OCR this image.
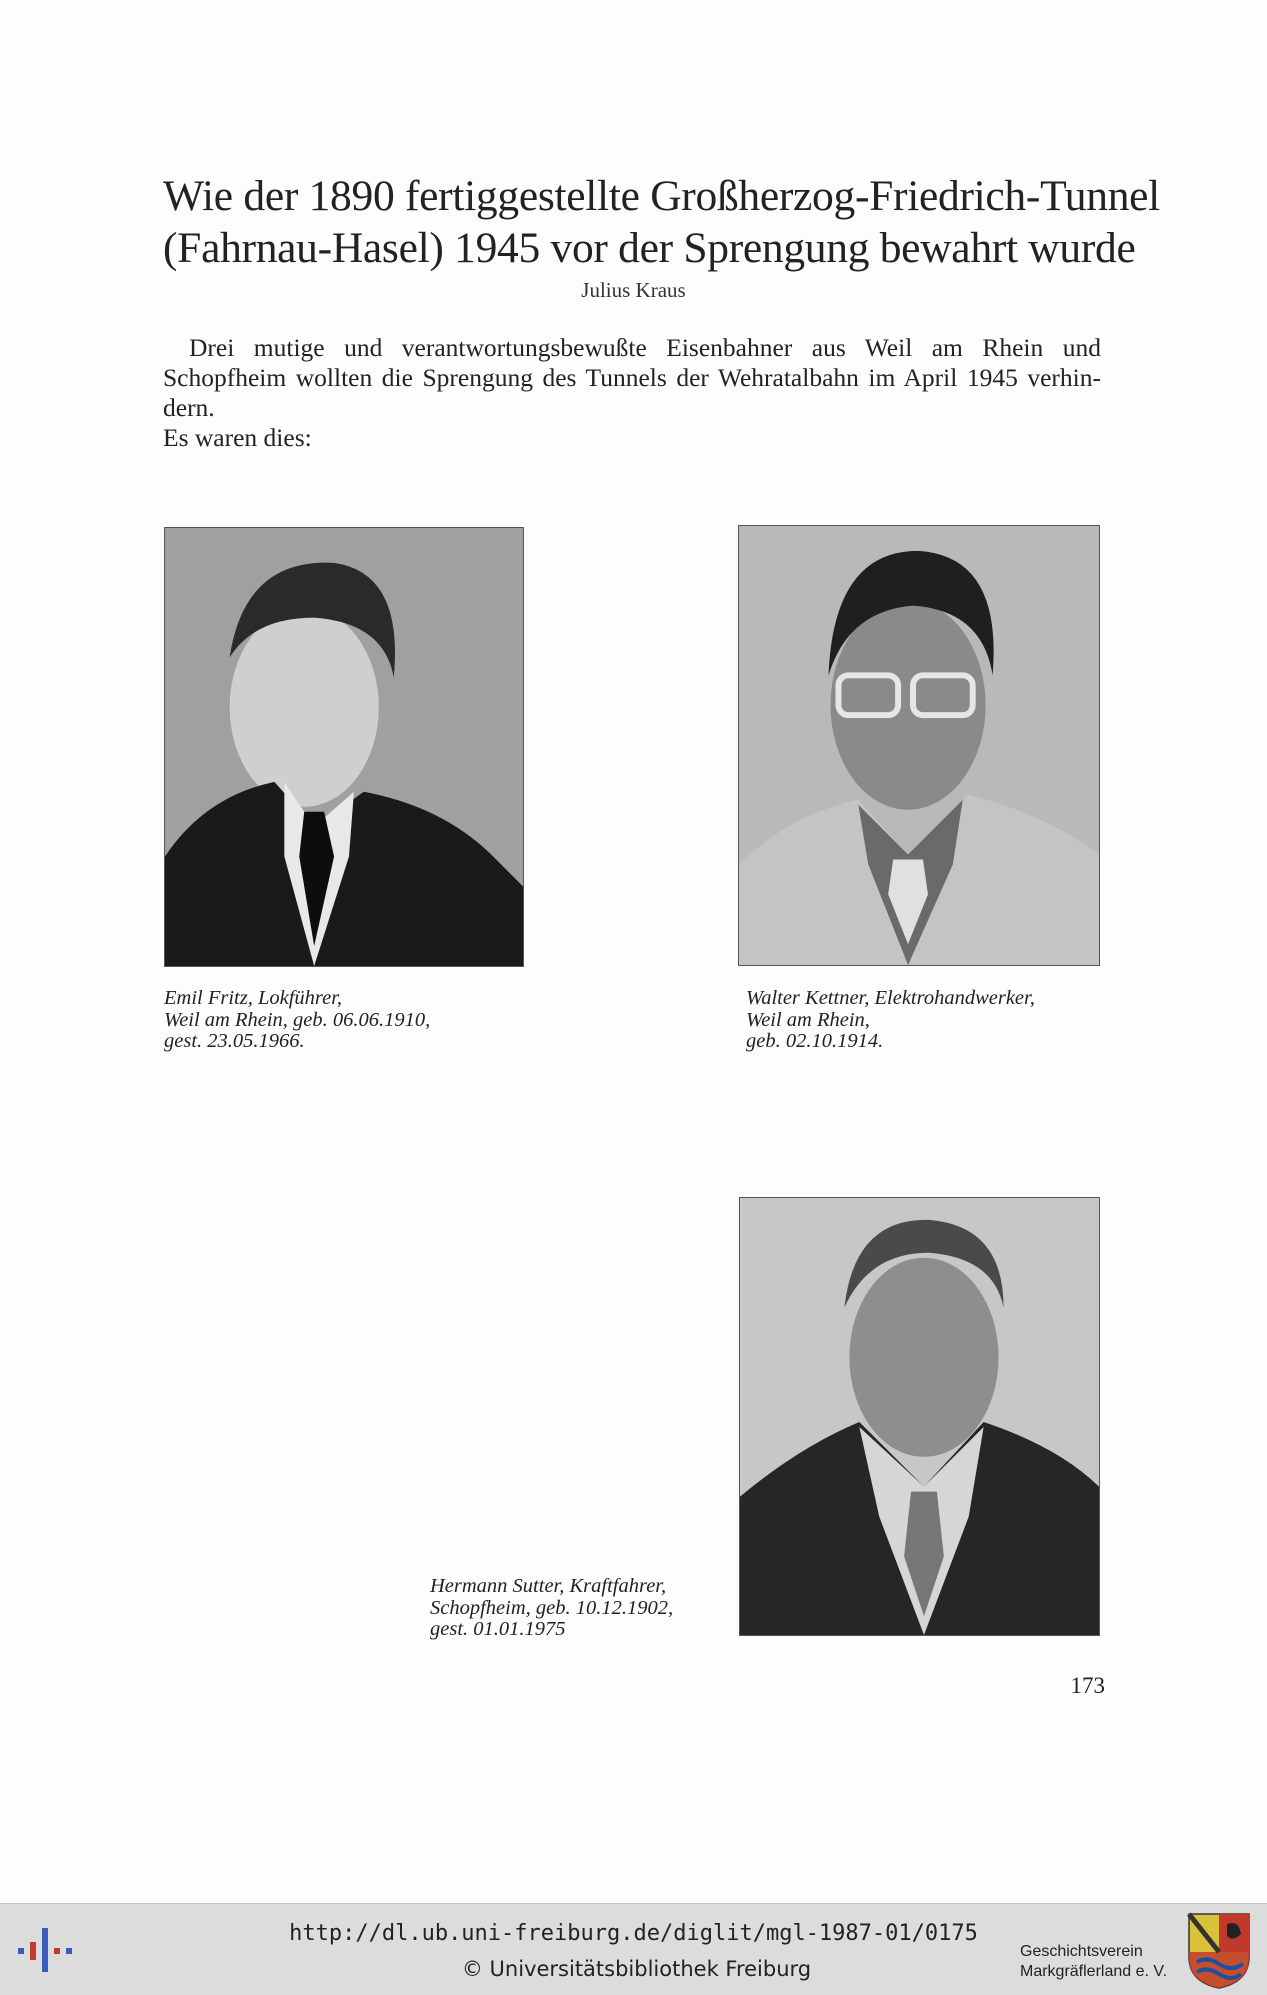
Wie der 1890 fertiggestellte Großherzog-Friedrich-Tunnel
(Fahrnau-Hasel) 1945 vor der Sprengung bewahrt wurde
Julius Kraus
Drei mutige und verantwortungsbewußte Eisenbahner aus Weil am Rhein und
Schopfheim wollten die Sprengung des Tunnels der Wehratalbahn im April 1945 verhin-
dern.
Es waren dies:
Emil Fritz, Lokführer,
Weil am Rhein, geb. 06.06.1910,
gest. 23.05.1966.
Walter Kettner, Elektrohandwerker,
Weil am Rhein,
geb. 02.10.1914.
Hermann Sutter, Kraftfahrer,
Schopfheim, geb. 10.12.1902,
gest. 01.01.1975
173
http://dl.ub.uni-freiburg.de/diglit/mgl-1987-01/0175
© Universitätsbibliothek Freiburg
Geschichtsverein
Markgräflerland e. V.
